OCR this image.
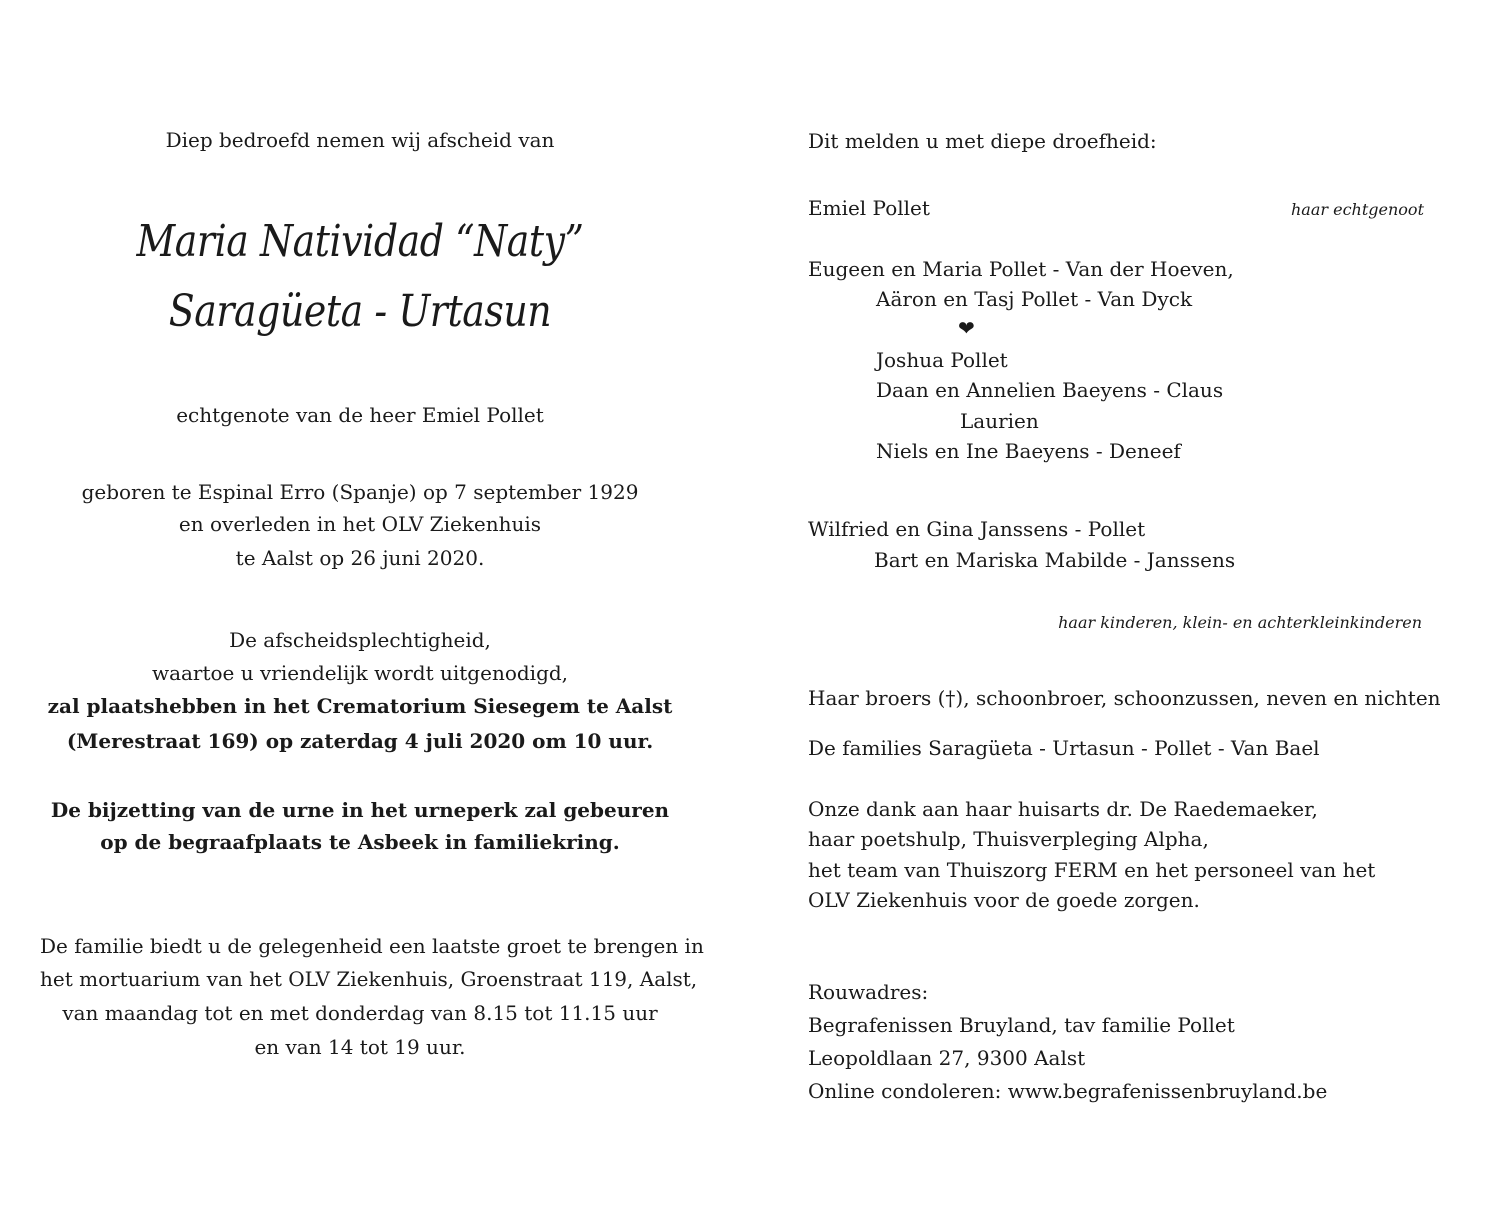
Diep bedroefd nemen wij afscheid van
Maria Natividad “Naty”
Saragüeta - Urtasun
echtgenote van de heer Emiel Pollet
geboren te Espinal Erro (Spanje) op 7 september 1929
en overleden in het OLV Ziekenhuis
te Aalst op 26 juni 2020.
De afscheidsplechtigheid,
waartoe u vriendelijk wordt uitgenodigd,
zal plaatshebben in het Crematorium Siesegem te Aalst
(Merestraat 169) op zaterdag 4 juli 2020 om 10 uur.
De bijzetting van de urne in het urneperk zal gebeuren
op de begraafplaats te Asbeek in familiekring.
De familie biedt u de gelegenheid een laatste groet te brengen in
het mortuarium van het OLV Ziekenhuis, Groenstraat 119, Aalst,
van maandag tot en met donderdag van 8.15 tot 11.15 uur
en van 14 tot 19 uur.
Dit melden u met diepe droefheid:
Emiel Pollet	haar echtgenoot
Eugeen en Maria Pollet - Van der Hoeven,
Aäron en Tasj Pollet - Van Dyck
❤
Joshua Pollet
Daan en Annelien Baeyens - Claus
Laurien
Niels en Ine Baeyens - Deneef
Wilfried en Gina Janssens - Pollet
Bart en Mariska Mabilde - Janssens
haar kinderen, klein- en achterkleinkinderen
Haar broers (†), schoonbroer, schoonzussen, neven en nichten
De families Saragüeta - Urtasun - Pollet - Van Bael
Onze dank aan haar huisarts dr. De Raedemaeker,
haar poetshulp, Thuisverpleging Alpha,
het team van Thuiszorg FERM en het personeel van het
OLV Ziekenhuis voor de goede zorgen.
Rouwadres:
Begrafenissen Bruyland, tav familie Pollet
Leopoldlaan 27, 9300 Aalst
Online condoleren: www.begrafenissenbruyland.be
